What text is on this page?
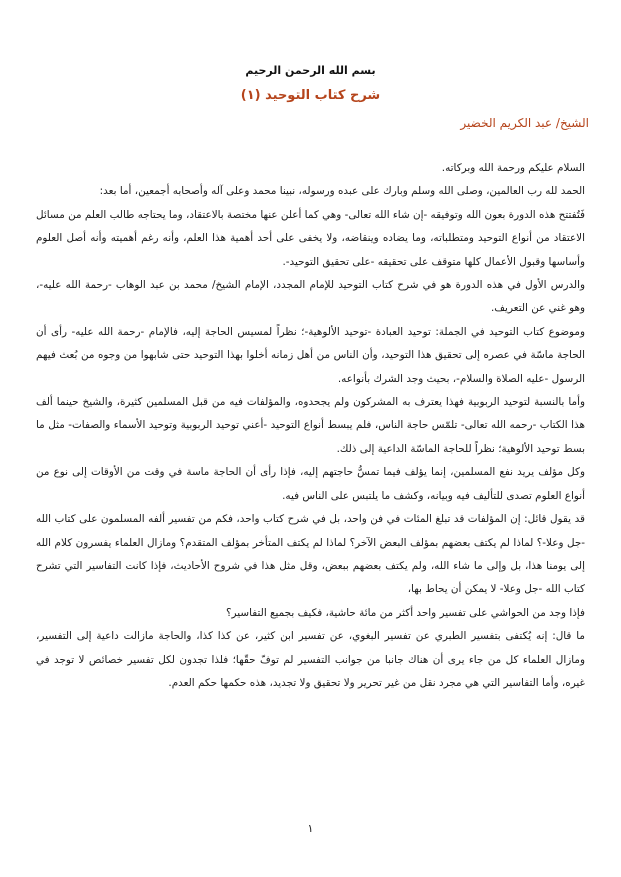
بسم الله الرحمن الرحيم
شرح كتاب التوحيد (١)
الشيخ/ عبد الكريم الخضير

السلام عليكم ورحمة الله وبركاته.

الحمد لله رب العالمين، وصلى الله وسلم وبارك على عبده ورسوله، نبينا محمد وعلى آله وأصحابه أجمعين، أما بعد:

فَتُفتتح هذه الدورة بعون الله وتوفيقه -إن شاء الله تعالى- وهي كما أعلن عنها مختصة بالاعتقاد، وما يحتاجه طالب العلم من مسائل الاعتقاد من أنواع التوحيد ومتطلباته، وما يضاده وينقاضه، ولا يخفى على أحد أهمية هذا العلم، وأنه رغم أهميته وأنه أصل العلوم وأساسها وقبول الأعمال كلها متوقف على تحقيقه -على تحقيق التوحيد-.

والدرس الأول في هذه الدورة هو في شرح كتاب التوحيد للإمام المجدد، الإمام الشيخ/ محمد بن عبد الوهاب -رحمة الله عليه-، وهو غني عن التعريف.

وموضوع كتاب التوحيد في الجملة: توحيد العبادة -توحيد الألوهية-؛ نظراً لمسيس الحاجة إليه، فالإمام -رحمة الله عليه- رأى أن الحاجة ماسّة في عصره إلى تحقيق هذا التوحيد، وأن الناس من أهل زمانه أخلوا بهذا التوحيد حتى شابهوا من وجوه من بُعث فيهم الرسول -عليه الصلاة والسلام-، بحيث وجد الشرك بأنواعه.

وأما بالنسبة لتوحيد الربوبية فهذا يعترف به المشركون ولم يجحدوه، والمؤلفات فيه من قبل المسلمين كثيرة، والشيخ حينما ألف هذا الكتاب -رحمه الله تعالى- تلمّس حاجة الناس، فلم يبسط أنواع التوحيد -أعني توحيد الربوبية وتوحيد الأسماء والصفات- مثل ما بسط توحيد الألوهية؛ نظراً للحاجة الماسّة الداعية إلى ذلك.

وكل مؤلف يريد نفع المسلمين، إنما يؤلف فيما تمسُّ حاجتهم إليه، فإذا رأى أن الحاجة ماسة في وقت من الأوقات إلى نوع من أنواع العلوم تصدى للتأليف فيه وبيانه، وكشف ما يلتبس على الناس فيه.

قد يقول قائل: إن المؤلفات قد تبلغ المئات في فن واحد، بل في شرح كتاب واحد، فكم من تفسير ألفه المسلمون على كتاب الله -جل وعلا-؟ لماذا لم يكتف بعضهم بمؤلف البعض الآخر؟ لماذا لم يكتف المتأخر بمؤلف المتقدم؟ ومازال العلماء يفسرون كلام الله إلى يومنا هذا، بل وإلى ما شاء الله، ولم يكتف بعضهم ببعض، وقل مثل هذا في شروح الأحاديث، فإذا كانت التفاسير التي تشرح كتاب الله -جل وعلا- لا يمكن أن يحاط بها،

فإذا وجد من الحواشي على تفسير واحد أكثر من مائة حاشية، فكيف بجميع التفاسير؟

ما قال: إنه يُكتفى بتفسير الطبري عن تفسير البغوي، عن تفسير ابن كثير، عن كذا كذا، والحاجة مازالت داعية إلى التفسير، ومازال العلماء كل من جاء يرى أن هناك جانبا من جوانب التفسير لم توفّ حقّها؛ فلذا تجدون لكل تفسير خصائص لا توجد في غيره، وأما التفاسير التي هي مجرد نقل من غير تحرير ولا تحقيق ولا تجديد، هذه حكمها حكم العدم.

١
